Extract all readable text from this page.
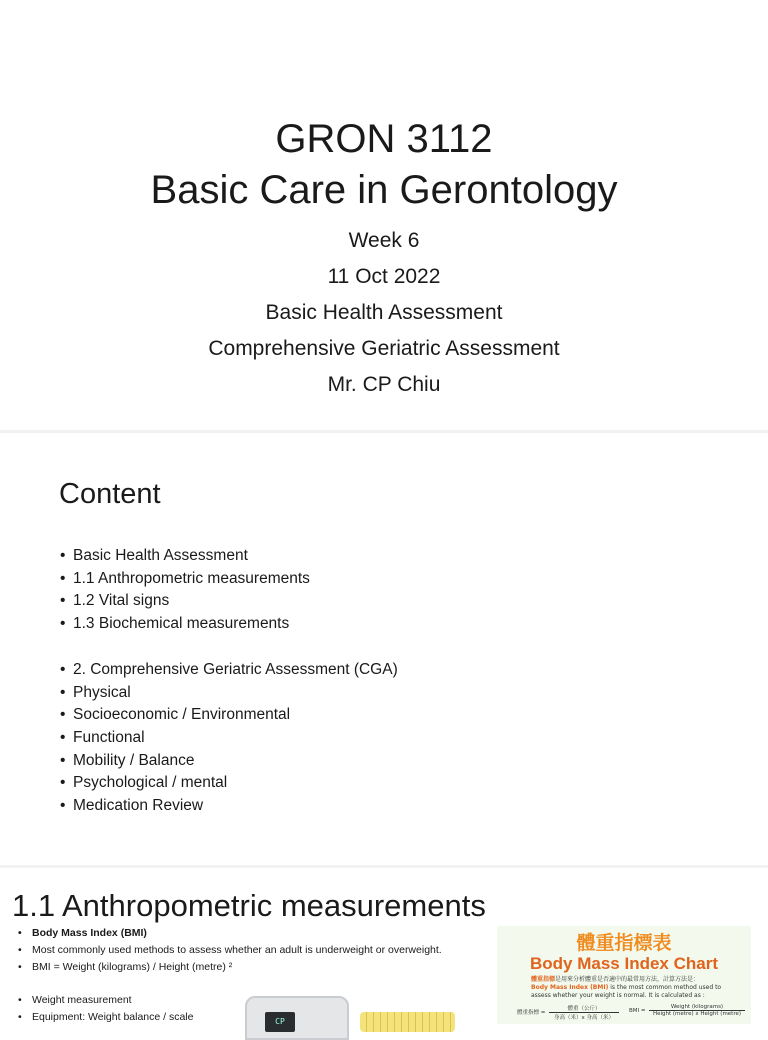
GRON 3112
Basic Care in Gerontology
Week 6
11 Oct 2022
Basic Health Assessment
Comprehensive Geriatric Assessment
Mr. CP Chiu
Content
• Basic Health Assessment
• 1.1 Anthropometric measurements
• 1.2 Vital signs
• 1.3 Biochemical measurements
• 2. Comprehensive Geriatric Assessment (CGA)
• Physical
• Socioeconomic / Environmental
• Functional
• Mobility / Balance
• Psychological / mental
• Medication Review
1.1 Anthropometric measurements
• Body Mass Index (BMI)
• Most commonly used methods to assess whether an adult is underweight or overweight.
• BMI = Weight (kilograms) / Height (metre) ²
• Weight measurement
• Equipment: Weight balance / scale	CP
體重指標表
Body Mass Index Chart
體重指標是用來分析體重是否適中的最常用方法，計算方法是：
Body Mass Index (BMI) is the most common method used to assess whether your weight is normal. It is calculated as :
體重指標 =
體重（公斤）
身高（米）x 身高（米）
BMI =
Weight (kilograms)
Height (metre) x Height (metre)
